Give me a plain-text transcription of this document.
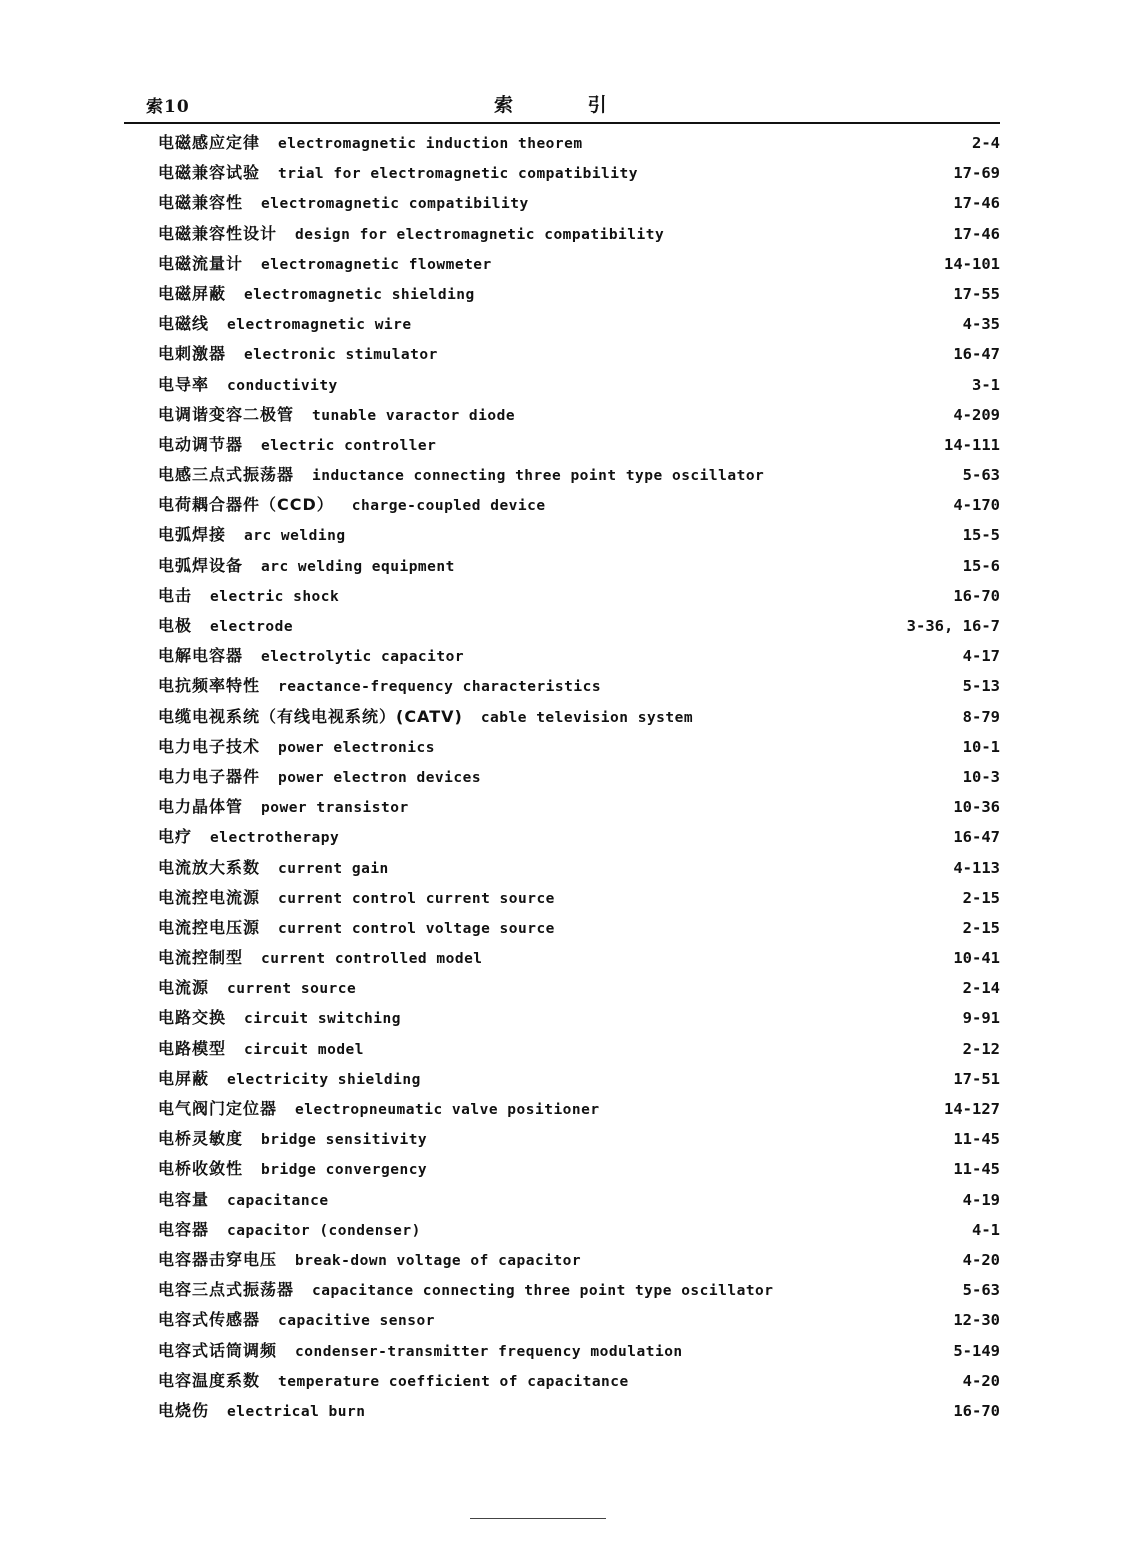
索10	索 引
电磁感应定律 electromagnetic induction theorem	2-4
电磁兼容试验 trial for electromagnetic compatibility	17-69
电磁兼容性 electromagnetic compatibility	17-46
电磁兼容性设计 design for electromagnetic compatibility	17-46
电磁流量计 electromagnetic flowmeter	14-101
电磁屏蔽 electromagnetic shielding	17-55
电磁线 electromagnetic wire	4-35
电刺激器 electronic stimulator	16-47
电导率 conductivity	3-1
电调谐变容二极管 tunable varactor diode	4-209
电动调节器 electric controller	14-111
电感三点式振荡器 inductance connecting three point type oscillator	5-63
电荷耦合器件（CCD） charge-coupled device	4-170
电弧焊接 arc welding	15-5
电弧焊设备 arc welding equipment	15-6
电击 electric shock	16-70
电极 electrode	3-36, 16-7
电解电容器 electrolytic capacitor	4-17
电抗频率特性 reactance-frequency characteristics	5-13
电缆电视系统（有线电视系统）(CATV) cable television system	8-79
电力电子技术 power electronics	10-1
电力电子器件 power electron devices	10-3
电力晶体管 power transistor	10-36
电疗 electrotherapy	16-47
电流放大系数 current gain	4-113
电流控电流源 current control current source	2-15
电流控电压源 current control voltage source	2-15
电流控制型 current controlled model	10-41
电流源 current source	2-14
电路交换 circuit switching	9-91
电路模型 circuit model	2-12
电屏蔽 electricity shielding	17-51
电气阀门定位器 electropneumatic valve positioner	14-127
电桥灵敏度 bridge sensitivity	11-45
电桥收敛性 bridge convergency	11-45
电容量 capacitance	4-19
电容器 capacitor (condenser)	4-1
电容器击穿电压 break-down voltage of capacitor	4-20
电容三点式振荡器 capacitance connecting three point type oscillator	5-63
电容式传感器 capacitive sensor	12-30
电容式话筒调频 condenser-transmitter frequency modulation	5-149
电容温度系数 temperature coefficient of capacitance	4-20
电烧伤 electrical burn	16-70
